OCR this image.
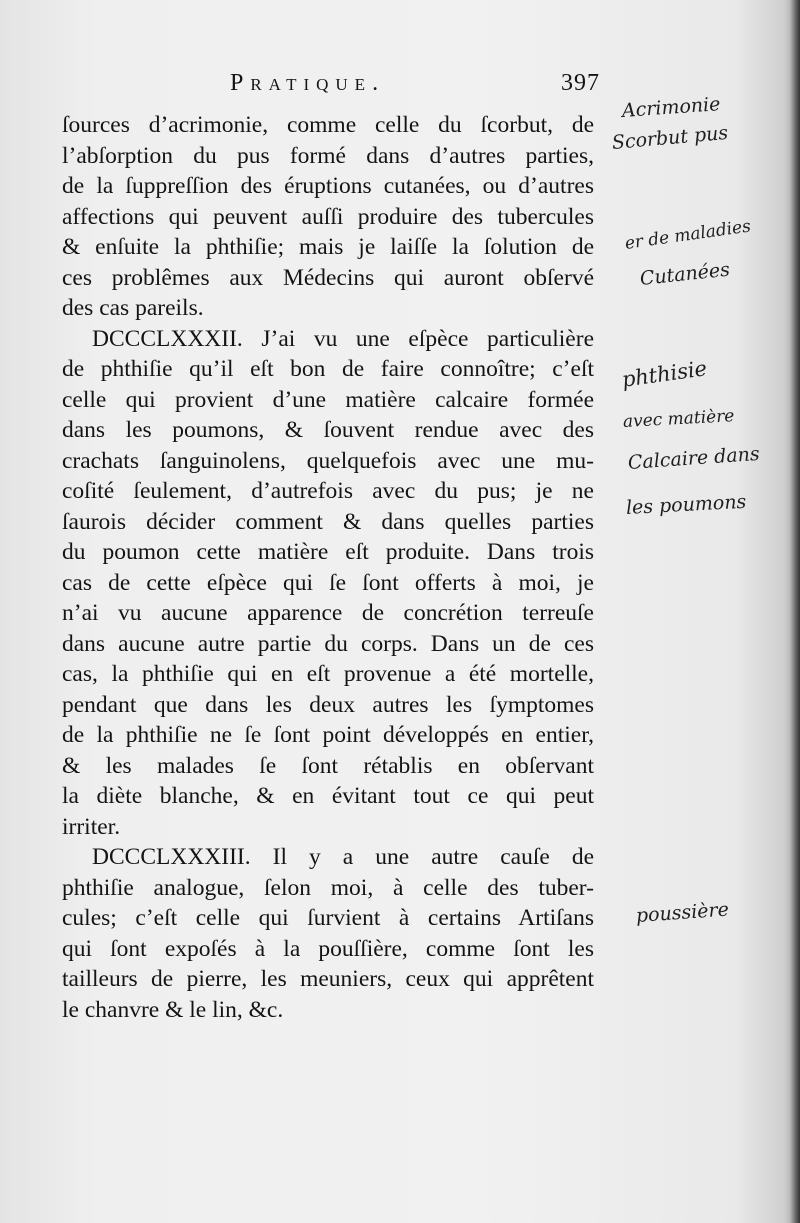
Pratique.	397
ſources d’acrimonie, comme celle du ſcorbut, de
l’abſorption du pus formé dans d’autres parties,
de la ſuppreſſion des éruptions cutanées, ou d’autres
affections qui peuvent auſſi produire des tubercules
& enſuite la phthiſie; mais je laiſſe la ſolution de
ces problêmes aux Médecins qui auront obſervé
des cas pareils.
DCCCLXXXII. J’ai vu une eſpèce particulière
de phthiſie qu’il eſt bon de faire connoître; c’eſt
celle qui provient d’une matière calcaire formée
dans les poumons, & ſouvent rendue avec des
crachats ſanguinolens, quelquefois avec une mu-
coſité ſeulement, d’autrefois avec du pus; je ne
ſaurois décider comment & dans quelles parties
du poumon cette matière eſt produite. Dans trois
cas de cette eſpèce qui ſe ſont offerts à moi, je
n’ai vu aucune apparence de concrétion terreuſe
dans aucune autre partie du corps. Dans un de ces
cas, la phthiſie qui en eſt provenue a été mortelle,
pendant que dans les deux autres les ſymptomes
de la phthiſie ne ſe ſont point développés en entier,
& les malades ſe ſont rétablis en obſervant
la diète blanche, & en évitant tout ce qui peut
irriter.
DCCCLXXXIII. Il y a une autre cauſe de
phthiſie analogue, ſelon moi, à celle des tuber-
cules; c’eſt celle qui ſurvient à certains Artiſans
qui ſont expoſés à la pouſſière, comme ſont les
tailleurs de pierre, les meuniers, ceux qui apprêtent
le chanvre & le lin, &c.
Acrimonie
Scorbut pus
er de maladies
Cutanées
phthisie
avec matière
Calcaire dans
les poumons
poussière
